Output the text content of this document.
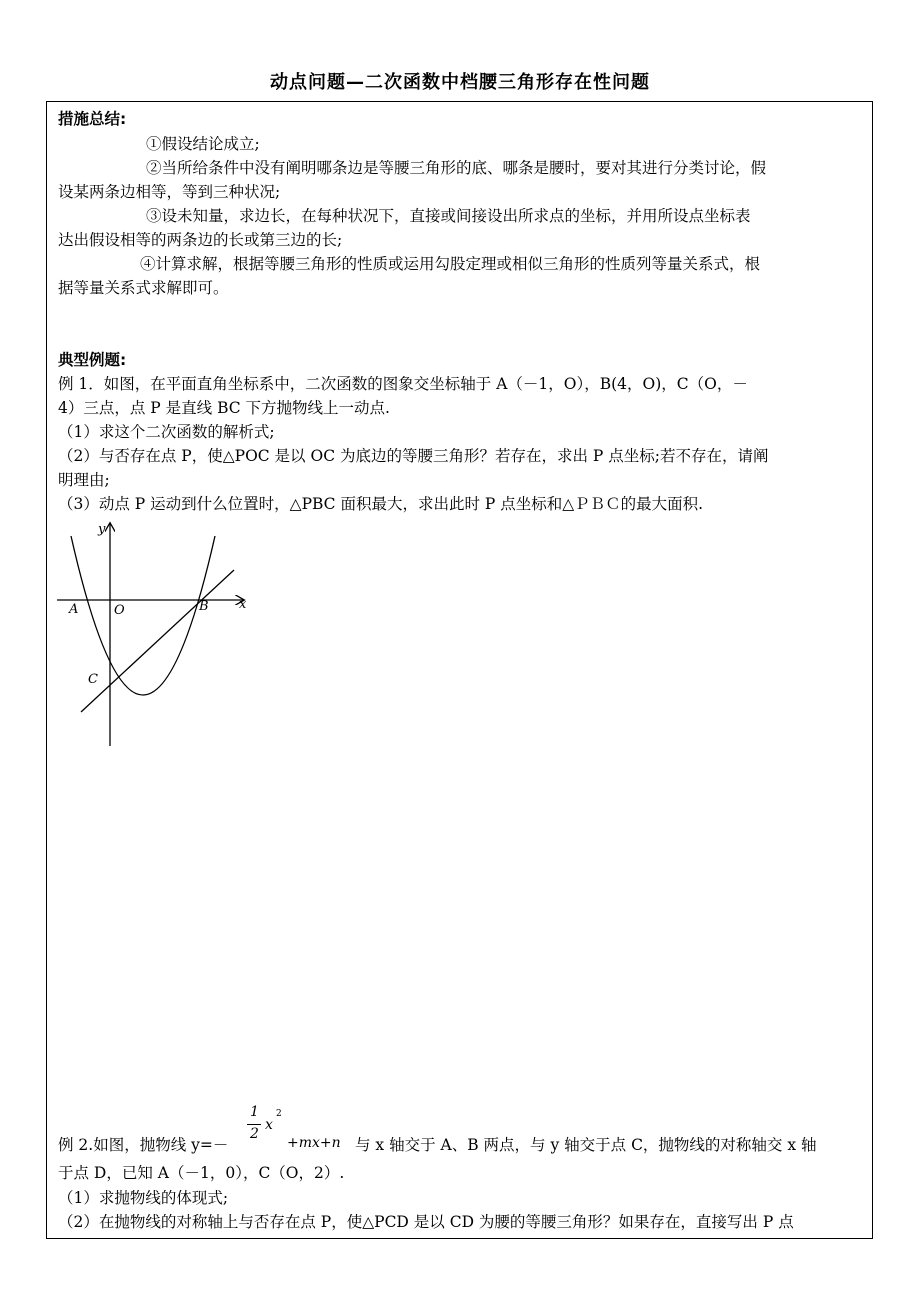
动点问题—二次函数中档腰三角形存在性问题
措施总结:
①假设结论成立;
②当所给条件中没有阐明哪条边是等腰三角形的底、哪条是腰时，要对其进行分类讨论，假
设某两条边相等，等到三种状况;
③设未知量，求边长，在每种状况下，直接或间接设出所求点的坐标，并用所设点坐标表
达出假设相等的两条边的长或第三边的长;
④计算求解，根据等腰三角形的性质或运用勾股定理或相似三角形的性质列等量关系式，根
据等量关系式求解即可。
典型例题:
例 1．如图，在平面直角坐标系中，二次函数的图象交坐标轴于 A（－1，O），B(4，O)，C（O，－
4）三点，点 P 是直线 BC 下方抛物线上一动点.
（1）求这个二次函数的解析式;
（2）与否存在点 P，使△POC 是以 OC 为底边的等腰三角形？若存在，求出 P 点坐标;若不存在，请阐
明理由;
（3）动点 P 运动到什么位置时，△PBC 面积最大，求出此时 P 点坐标和△ＰＢＣ的最大面积.
y
x
A	O	B
C
1
2
x
2
例 2.如图，抛物线 y=－	+mx+n 与 x 轴交于 A、B 两点，与 y 轴交于点 C，抛物线的对称轴交 x 轴
于点 D，已知 A（－1，0），C（O，2）.
（1）求抛物线的体现式;
（2）在抛物线的对称轴上与否存在点 P，使△PCD 是以 CD 为腰的等腰三角形？如果存在，直接写出 P 点
